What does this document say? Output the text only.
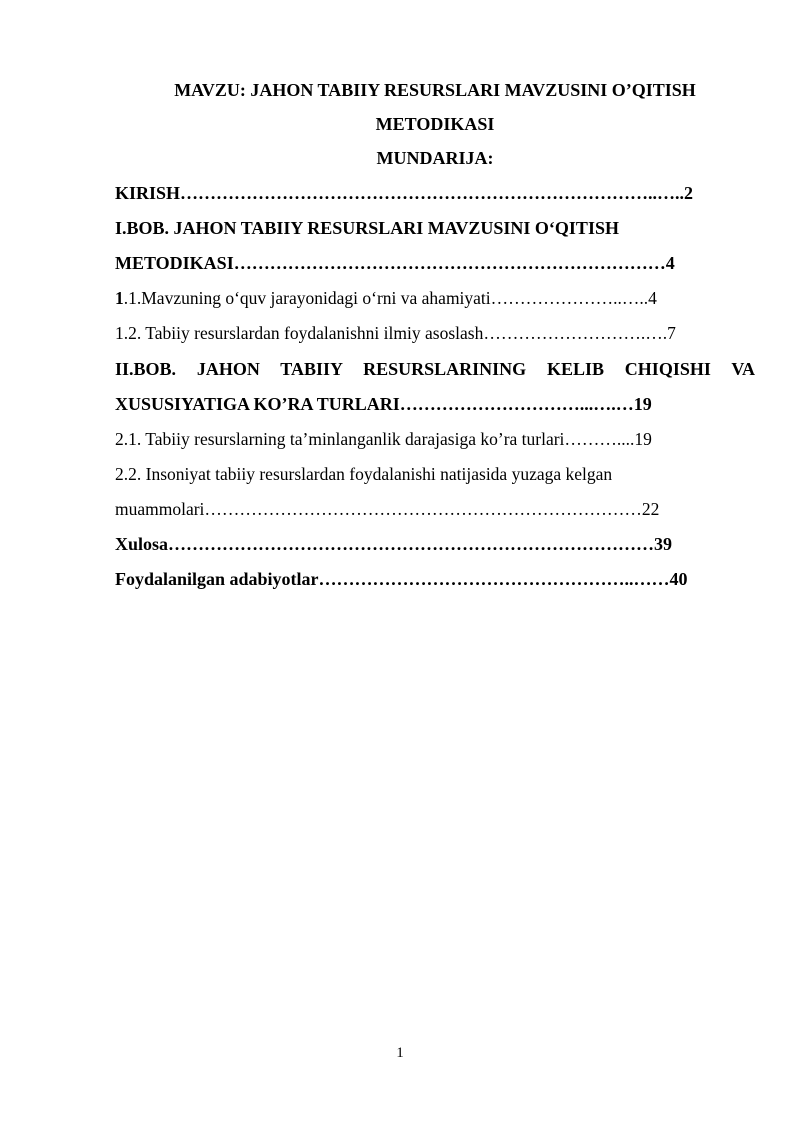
MAVZU: JAHON TABIIY RESURSLARI MAVZUSINI O’QITISH
METODIKASI
MUNDARIJA:
KIRISH……………………………………………………………………..…..2
I.BOB. JAHON TABIIY RESURSLARI MAVZUSINI O‘QITISH
METODIKASI………………………………………………………………4
1.1.Mavzuning o‘quv jarayonidagi o‘rni va ahamiyati…………………..…..4
1.2. Tabiiy resurslardan foydalanishni ilmiy asoslash……………………….….7
II.BOB. JAHON TABIIY RESURSLARINING KELIB CHIQISHI VA
XUSUSIYATIGA KO’RA TURLARI…………………………...….…19
2.1. Tabiiy resurslarning ta’minlanganlik darajasiga ko’ra turlari………....19
2.2. Insoniyat tabiiy resurslardan foydalanishi natijasida yuzaga kelgan
muammolari…………………………………………………………………22
Xulosa………………………………………………………………………39
Foydalanilgan adabiyotlar……………………………………………..……40
1
